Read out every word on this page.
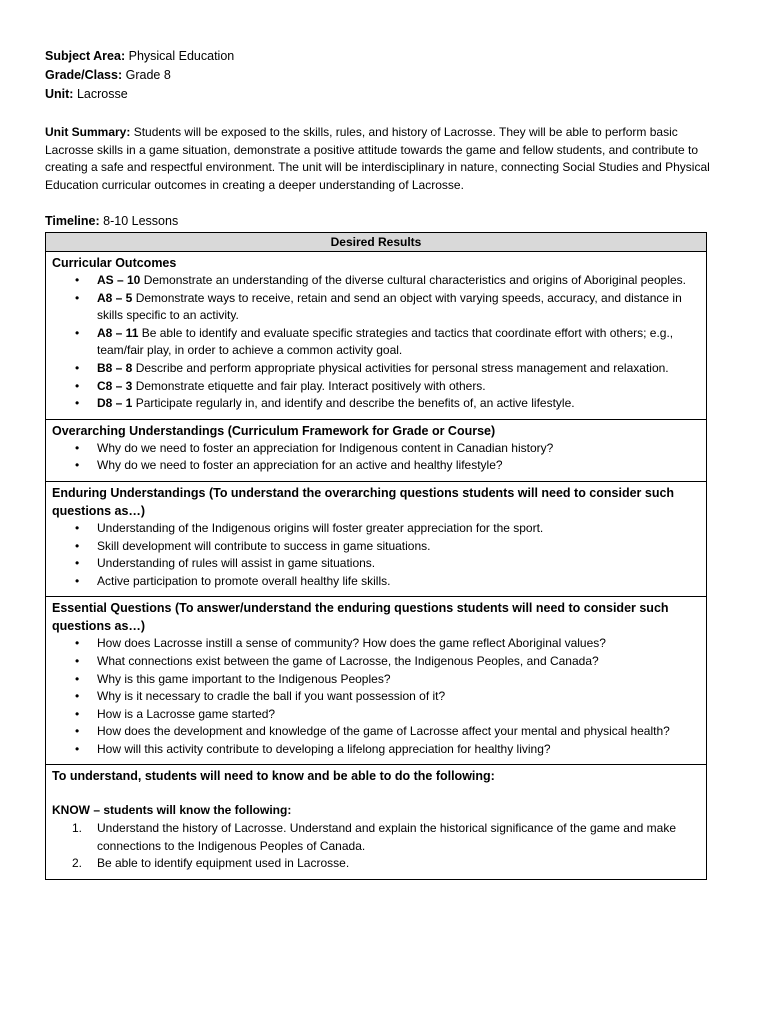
Subject Area: Physical Education
Grade/Class: Grade 8
Unit: Lacrosse
Unit Summary: Students will be exposed to the skills, rules, and history of Lacrosse. They will be able to perform basic Lacrosse skills in a game situation, demonstrate a positive attitude towards the game and fellow students, and contribute to creating a safe and respectful environment. The unit will be interdisciplinary in nature, connecting Social Studies and Physical Education curricular outcomes in creating a deeper understanding of Lacrosse.
Timeline: 8-10 Lessons
Desired Results

Curricular Outcomes
• AS – 10 Demonstrate an understanding of the diverse cultural characteristics and origins of Aboriginal peoples.
• A8 – 5 Demonstrate ways to receive, retain and send an object with varying speeds, accuracy, and distance in skills specific to an activity.
• A8 – 11 Be able to identify and evaluate specific strategies and tactics that coordinate effort with others; e.g., team/fair play, in order to achieve a common activity goal.
• B8 – 8 Describe and perform appropriate physical activities for personal stress management and relaxation.
• C8 – 3 Demonstrate etiquette and fair play. Interact positively with others.
• D8 – 1 Participate regularly in, and identify and describe the benefits of, an active lifestyle.

Overarching Understandings (Curriculum Framework for Grade or Course)
• Why do we need to foster an appreciation for Indigenous content in Canadian history?
• Why do we need to foster an appreciation for an active and healthy lifestyle?

Enduring Understandings (To understand the overarching questions students will need to consider such questions as…)
• Understanding of the Indigenous origins will foster greater appreciation for the sport.
• Skill development will contribute to success in game situations.
• Understanding of rules will assist in game situations.
• Active participation to promote overall healthy life skills.

Essential Questions (To answer/understand the enduring questions students will need to consider such questions as…)
• How does Lacrosse instill a sense of community? How does the game reflect Aboriginal values?
• What connections exist between the game of Lacrosse, the Indigenous Peoples, and Canada?
• Why is this game important to the Indigenous Peoples?
• Why is it necessary to cradle the ball if you want possession of it?
• How is a Lacrosse game started?
• How does the development and knowledge of the game of Lacrosse affect your mental and physical health?
• How will this activity contribute to developing a lifelong appreciation for healthy living?

To understand, students will need to know and be able to do the following:
KNOW – students will know the following:
1. Understand the history of Lacrosse. Understand and explain the historical significance of the game and make connections to the Indigenous Peoples of Canada.
2. Be able to identify equipment used in Lacrosse.
